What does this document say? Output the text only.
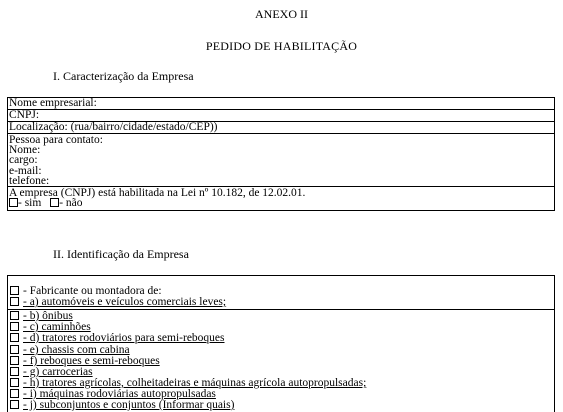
ANEXO II
PEDIDO DE HABILITAÇÃO
I. Caracterização da Empresa
Nome empresarial:
CNPJ:
Localização: (rua/bairro/cidade/estado/CEP))
Pessoa para contato:
Nome:
cargo:
e-mail:
telefone:
A empresa (CNPJ) está habilitada na Lei nº 10.182, de 12.02.01.
- sim - não
II. Identificação da Empresa
- Fabricante ou montadora de:
- a) automóveis e veículos comerciais leves;
- b) ônibus
- c) caminhões
- d) tratores rodoviários para semi-reboques
- e) chassis com cabina
- f) reboques e semi-reboques
- g) carrocerias
- h) tratores agrícolas, colheitadeiras e máquinas agrícola autopropulsadas;
- i) máquinas rodoviárias autopropulsadas
- j) subconjuntos e conjuntos (Informar quais)
